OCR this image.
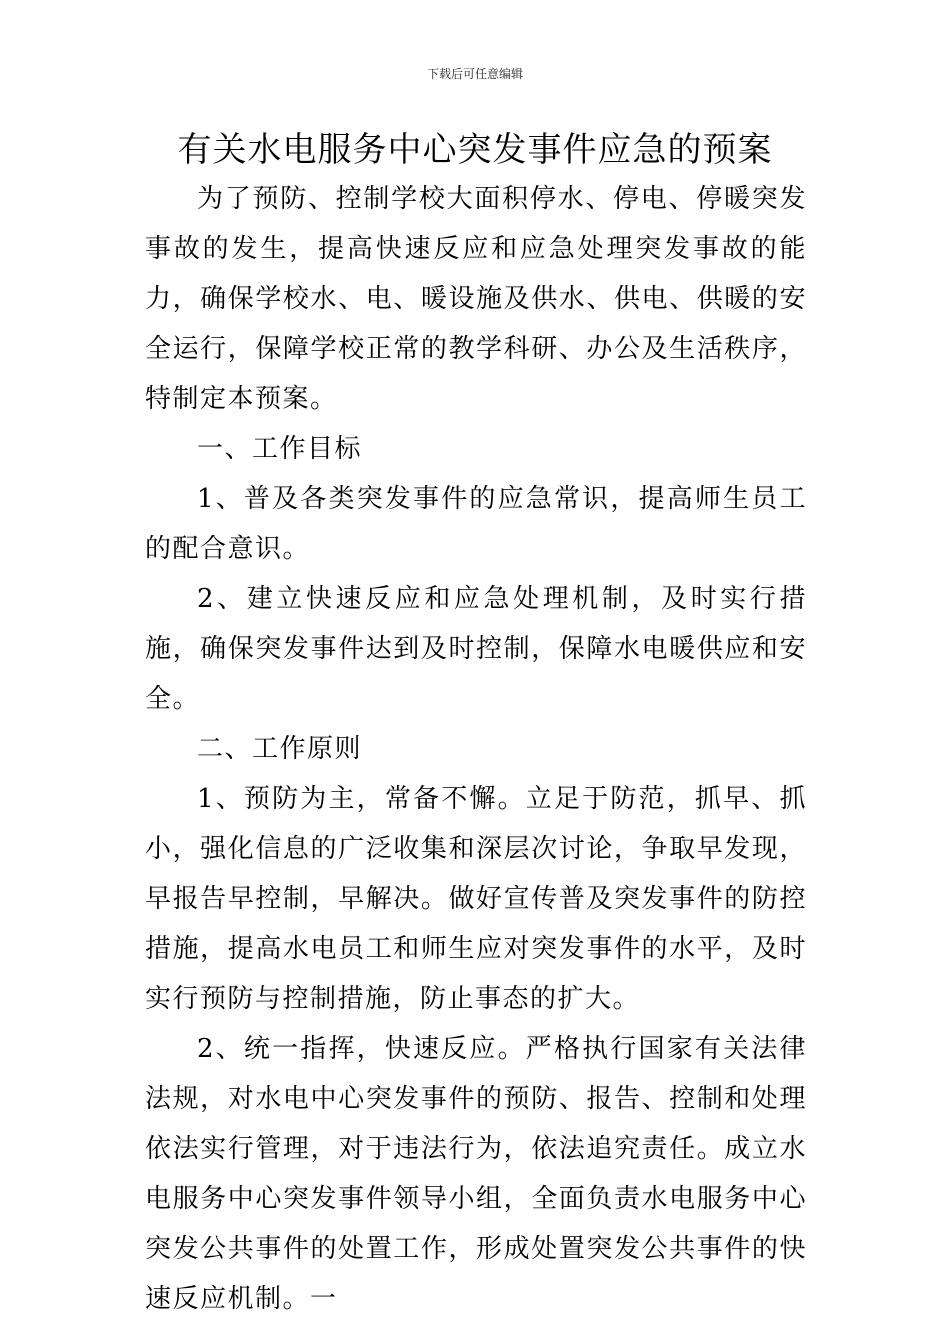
下载后可任意编辑
有关水电服务中心突发事件应急的预案

为了预防、控制学校大面积停水、停电、停暖突发事故的发生，提高快速反应和应急处理突发事故的能力，确保学校水、电、暖设施及供水、供电、供暖的安全运行，保障学校正常的教学科研、办公及生活秩序，特制定本预案。

一、工作目标

1、普及各类突发事件的应急常识，提高师生员工的配合意识。

2、建立快速反应和应急处理机制，及时实行措施，确保突发事件达到及时控制，保障水电暖供应和安全。

二、工作原则

1、预防为主，常备不懈。立足于防范，抓早、抓小，强化信息的广泛收集和深层次讨论，争取早发现，早报告早控制，早解决。做好宣传普及突发事件的防控措施，提高水电员工和师生应对突发事件的水平，及时实行预防与控制措施，防止事态的扩大。

2、统一指挥，快速反应。严格执行国家有关法律法规，对水电中心突发事件的预防、报告、控制和处理依法实行管理，对于违法行为，依法追究责任。成立水电服务中心突发事件领导小组，全面负责水电服务中心突发公共事件的处置工作，形成处置突发公共事件的快速反应机制。一
